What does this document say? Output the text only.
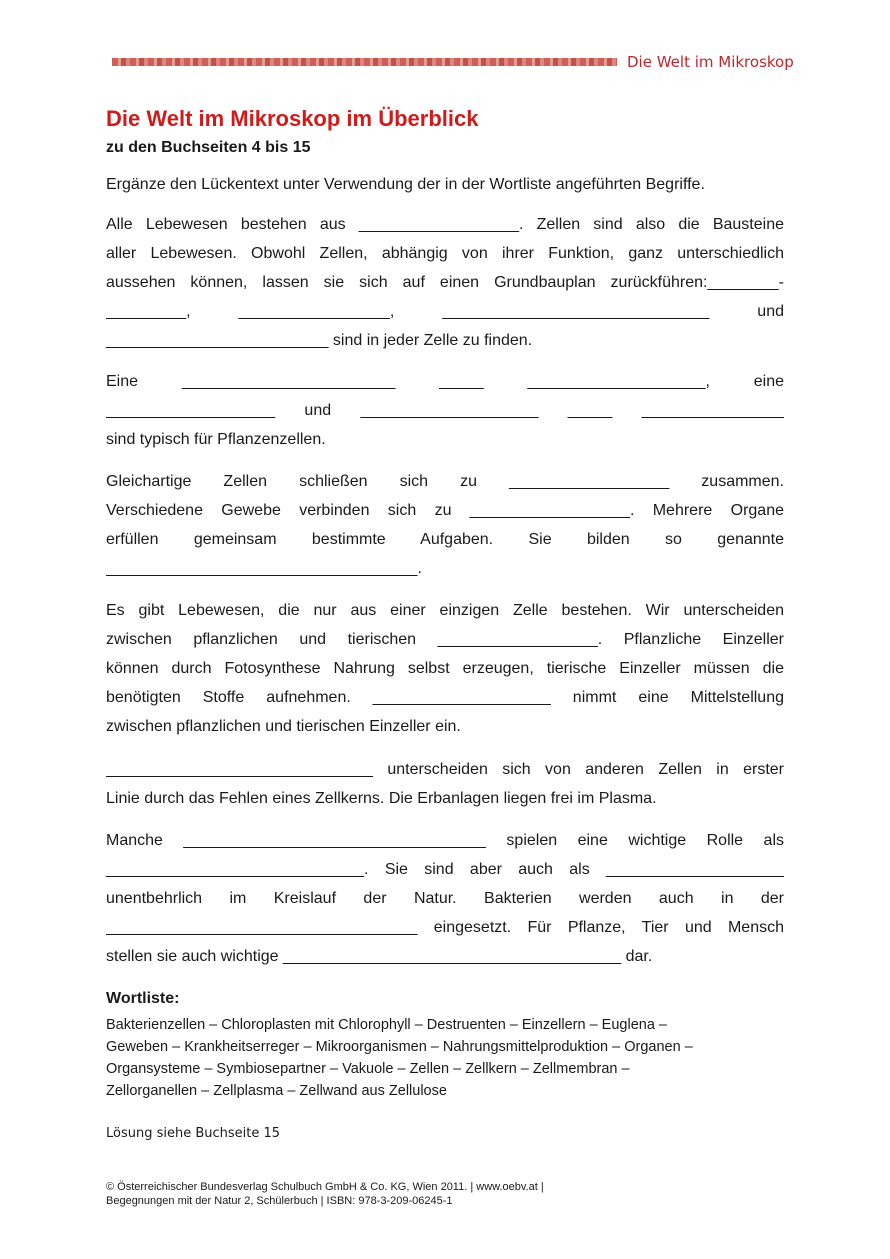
Die Welt im Mikroskop
Die Welt im Mikroskop im Überblick
zu den Buchseiten 4 bis 15

Ergänze den Lückentext unter Verwendung der in der Wortliste angeführten Begriffe.

Alle Lebewesen bestehen aus __________________. Zellen sind also die Bausteine
aller Lebewesen. Obwohl Zellen, abhängig von ihrer Funktion, ganz unterschiedlich
aussehen können, lassen sie sich auf einen Grundbauplan zurückführen:________-
_________, _________________, ______________________________ und
_________________________ sind in jeder Zelle zu finden.
Eine ________________________ _____ ____________________, eine
___________________ und ____________________ _____ ________________
sind typisch für Pflanzenzellen.
Gleichartige Zellen schließen sich zu __________________ zusammen.
Verschiedene Gewebe verbinden sich zu __________________. Mehrere Organe
erfüllen gemeinsam bestimmte Aufgaben. Sie bilden so genannte
___________________________________.
Es gibt Lebewesen, die nur aus einer einzigen Zelle bestehen. Wir unterscheiden
zwischen pflanzlichen und tierischen __________________. Pflanzliche Einzeller
können durch Fotosynthese Nahrung selbst erzeugen, tierische Einzeller müssen die
benötigten Stoffe aufnehmen. ____________________ nimmt eine Mittelstellung
zwischen pflanzlichen und tierischen Einzeller ein.
______________________________ unterscheiden sich von anderen Zellen in erster
Linie durch das Fehlen eines Zellkerns. Die Erbanlagen liegen frei im Plasma.
Manche __________________________________ spielen eine wichtige Rolle als
_____________________________. Sie sind aber auch als ____________________
unentbehrlich im Kreislauf der Natur. Bakterien werden auch in der
___________________________________ eingesetzt. Für Pflanze, Tier und Mensch
stellen sie auch wichtige ______________________________________ dar.
Wortliste:
Bakterienzellen – Chloroplasten mit Chlorophyll – Destruenten – Einzellern – Euglena –
Geweben – Krankheitserreger – Mikroorganismen – Nahrungsmittelproduktion – Organen –
Organsysteme – Symbiosepartner – Vakuole – Zellen – Zellkern – Zellmembran –
Zellorganellen – Zellplasma – Zellwand aus Zellulose

Lösung siehe Buchseite 15

© Österreichischer Bundesverlag Schulbuch GmbH & Co. KG, Wien 2011. | www.oebv.at |
Begegnungen mit der Natur 2, Schülerbuch | ISBN: 978-3-209-06245-1
